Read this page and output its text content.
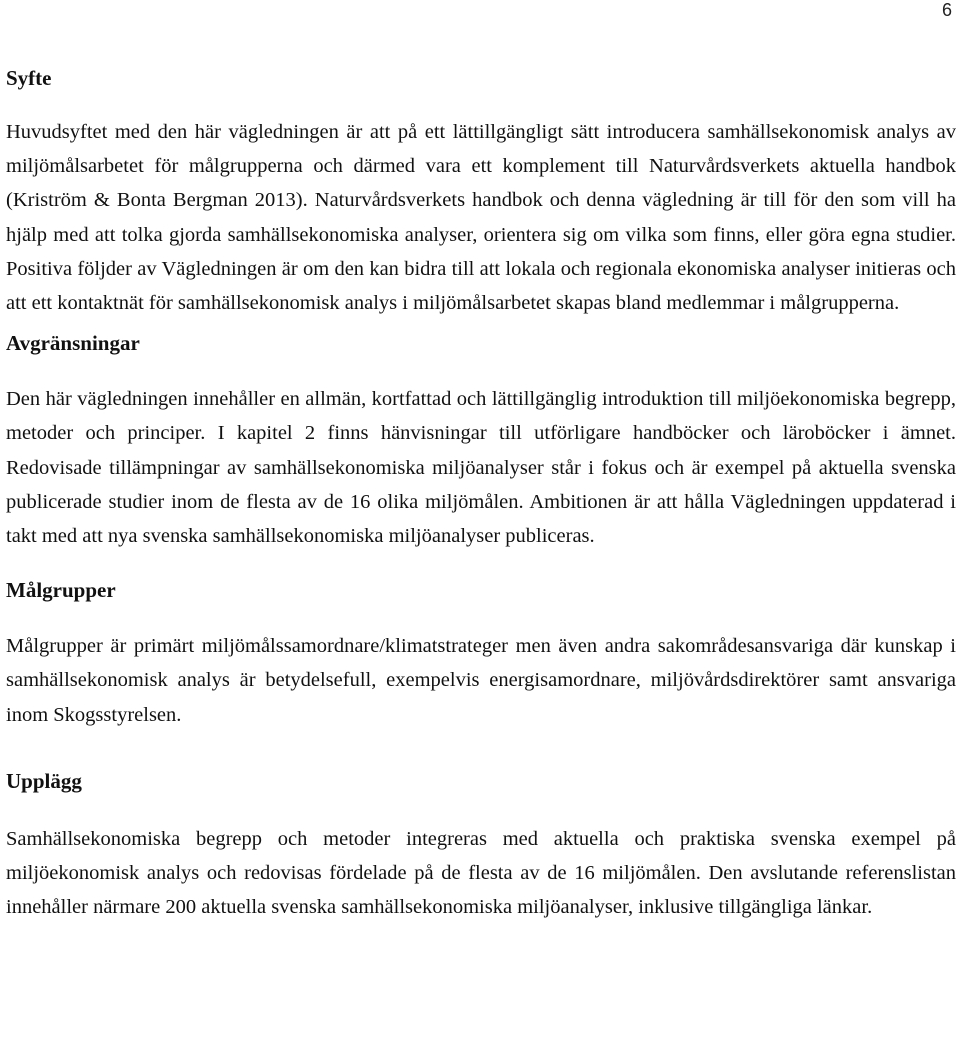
6
Syfte

Huvudsyftet med den här vägledningen är att på ett lättillgängligt sätt introducera samhällsekonomisk analys av miljömålsarbetet för målgrupperna och därmed vara ett komplement till Naturvårdsverkets aktuella handbok (Kriström & Bonta Bergman 2013). Naturvårdsverkets handbok och denna vägledning är till för den som vill ha hjälp med att tolka gjorda samhällsekonomiska analyser, orientera sig om vilka som finns, eller göra egna studier. Positiva följder av Vägledningen är om den kan bidra till att lokala och regionala ekonomiska analyser initieras och att ett kontaktnät för samhällsekonomisk analys i miljömålsarbetet skapas bland medlemmar i målgrupperna.

Avgränsningar

Den här vägledningen innehåller en allmän, kortfattad och lättillgänglig introduktion till miljöekonomiska begrepp, metoder och principer. I kapitel 2 finns hänvisningar till utförligare handböcker och läroböcker i ämnet. Redovisade tillämpningar av samhällsekonomiska miljöanalyser står i fokus och är exempel på aktuella svenska publicerade studier inom de flesta av de 16 olika miljömålen. Ambitionen är att hålla Vägledningen uppdaterad i takt med att nya svenska samhällsekonomiska miljöanalyser publiceras.

Målgrupper

Målgrupper är primärt miljömålssamordnare/klimatstrateger men även andra sakområdesansvariga där kunskap i samhällsekonomisk analys är betydelsefull, exempelvis energisamordnare, miljövårdsdirektörer samt ansvariga inom Skogsstyrelsen.

Upplägg

Samhällsekonomiska begrepp och metoder integreras med aktuella och praktiska svenska exempel på miljöekonomisk analys och redovisas fördelade på de flesta av de 16 miljömålen. Den avslutande referenslistan innehåller närmare 200 aktuella svenska samhällsekonomiska miljöanalyser, inklusive tillgängliga länkar.
